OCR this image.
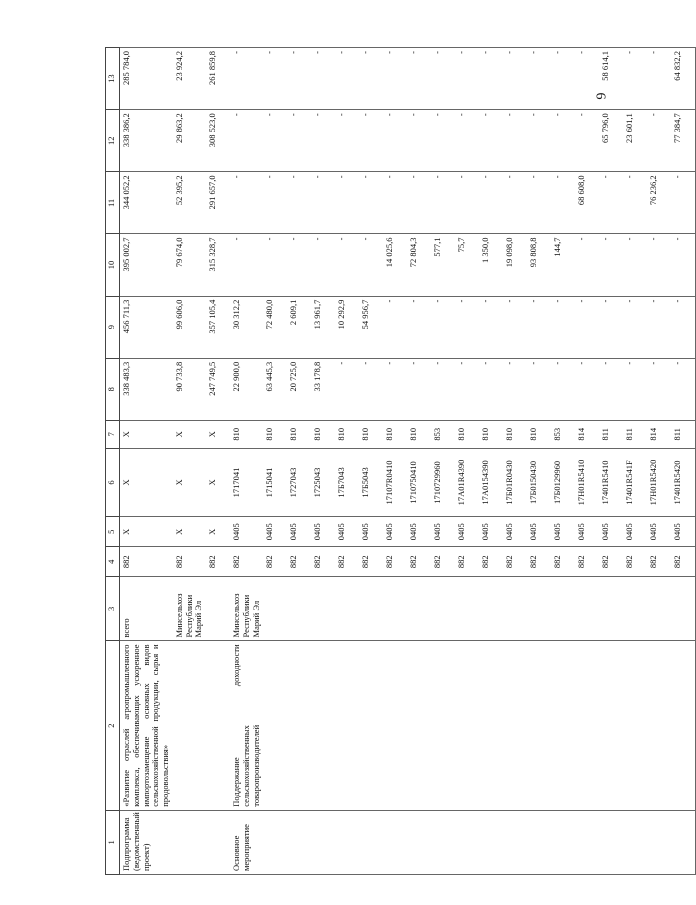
6
1	2	3	4	5	6	7	8	9	10	11	12	13
Подпрограмма (ведомственный проект)	«Развитие отраслей агропромышленного комплекса, обеспечивающих ускоренное импортозамещение основных видов сельскохозяйственной продукции, сырья и продовольствия»	всего	882	X	X	X	338 483,3	456 711,3	395 002,7	344 052,2	338 386,2	285 784,0
		Минсельхоз Республики Марий Эл	882	X	X	X	90 733,8	99 606,0	79 674,0	52 395,2	29 863,2	23 924,2
			882	X	X	X	247 749,5	357 105,4	315 328,7	291 657,0	308 523,0	261 859,8
Основное мероприятие	Поддержание доходности сельскохозяйственных товаропроизводителей	Минсельхоз Республики Марий Эл	882	0405	1717041	810	22 900,0	30 312,2	-	-	-	-
			882	0405	1715041	810	63 445,3	72 480,0	-	-	-	-
			882	0405	1727043	810	20 725,0	2 609,1	-	-	-	-
			882	0405	1725043	810	33 178,8	13 961,7	-	-	-	-
			882	0405	17Б7043	810	-	10 292,9	-	-	-	-
			882	0405	17Б5043	810	-	54 956,7	-	-	-	-
			882	0405	17107R0410	810	-	-	14 025,6	-	-	-
			882	0405	1710750410	810	-	-	72 804,3	-	-	-
			882	0405	1710729960	853	-	-	577,1	-	-	-
			882	0405	17А01R4390	810	-	-	75,7	-	-	-
			882	0405	17А0154390	810	-	-	1 350,0	-	-	-
			882	0405	17Б01R0430	810	-	-	19 098,0	-	-	-
			882	0405	17Б0150430	810	-	-	93 808,8	-	-	-
			882	0405	17Б0129960	853	-	-	144,7	-	-	-
			882	0405	17Н01R5410	814	-	-	-	68 608,0	-	-
			882	0405	17401R5410	811	-	-	-	-	65 796,0	58 614,1
			882	0405	17401R541F	811	-	-	-	-	23 601,1	-
			882	0405	17Н01R5420	814	-	-	-	76 236,2	-	-
			882	0405	17401R5420	811	-	-	-	-	77 384,7	64 832,2
